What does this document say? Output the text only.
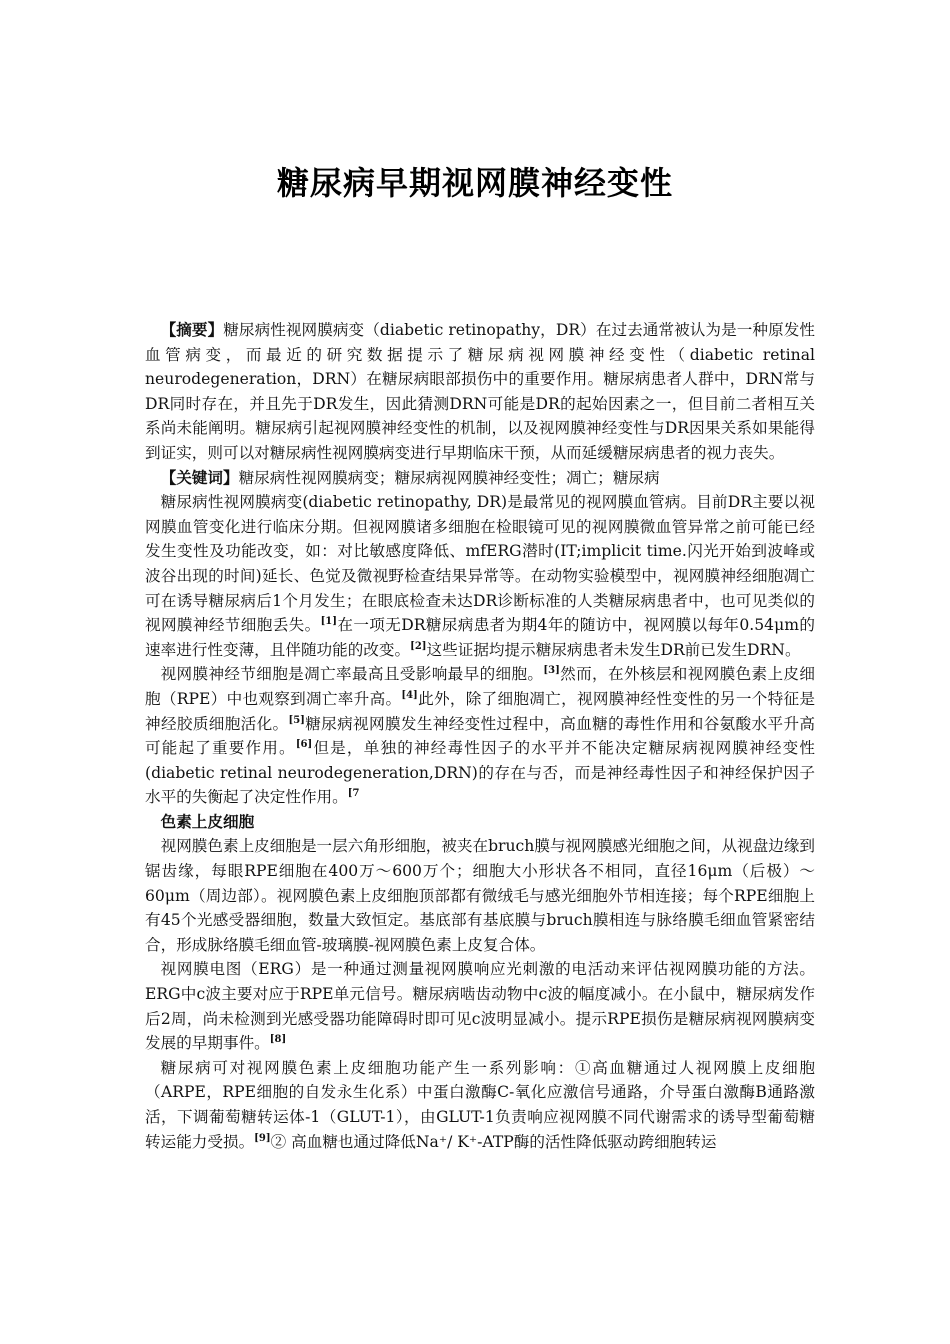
糖尿病早期视网膜神经变性

【摘要】糖尿病性视网膜病变（diabetic retinopathy，DR）在过去通常被认为是一种原发性血管病变，而最近的研究数据提示了糖尿病视网膜神经变性（diabetic retinal neurodegeneration，DRN）在糖尿病眼部损伤中的重要作用。糖尿病患者人群中，DRN常与DR同时存在，并且先于DR发生，因此猜测DRN可能是DR的起始因素之一，但目前二者相互关系尚未能阐明。糖尿病引起视网膜神经变性的机制，以及视网膜神经变性与DR因果关系如果能得到证实，则可以对糖尿病性视网膜病变进行早期临床干预，从而延缓糖尿病患者的视力丧失。

【关键词】糖尿病性视网膜病变；糖尿病视网膜神经变性；凋亡；糖尿病

糖尿病性视网膜病变(diabetic retinopathy, DR)是最常见的视网膜血管病。目前DR主要以视网膜血管变化进行临床分期。但视网膜诸多细胞在检眼镜可见的视网膜微血管异常之前可能已经发生变性及功能改变，如：对比敏感度降低、mfERG潜时(IT;implicit time.闪光开始到波峰或波谷出现的时间)延长、色觉及微视野检查结果异常等。在动物实验模型中，视网膜神经细胞凋亡可在诱导糖尿病后1个月发生；在眼底检查未达DR诊断标准的人类糖尿病患者中，也可见类似的视网膜神经节细胞丢失。[1]在一项无DR糖尿病患者为期4年的随访中，视网膜以每年0.54μm的速率进行性变薄，且伴随功能的改变。[2]这些证据均提示糖尿病患者未发生DR前已发生DRN。

视网膜神经节细胞是凋亡率最高且受影响最早的细胞。[3]然而，在外核层和视网膜色素上皮细胞（RPE）中也观察到凋亡率升高。[4]此外，除了细胞凋亡，视网膜神经性变性的另一个特征是神经胶质细胞活化。[5]糖尿病视网膜发生神经变性过程中，高血糖的毒性作用和谷氨酸水平升高可能起了重要作用。[6]但是，单独的神经毒性因子的水平并不能决定糖尿病视网膜神经变性(diabetic retinal neurodegeneration,DRN)的存在与否，而是神经毒性因子和神经保护因子水平的失衡起了决定性作用。$^{[7}$

色素上皮细胞

视网膜色素上皮细胞是一层六角形细胞，被夹在bruch膜与视网膜感光细胞之间，从视盘边缘到锯齿缘，每眼RPE细胞在400万～600万个；细胞大小形状各不相同，直径16μm（后极）～60μm（周边部）。视网膜色素上皮细胞顶部都有微绒毛与感光细胞外节相连接；每个RPE细胞上有45个光感受器细胞，数量大致恒定。基底部有基底膜与bruch膜相连与脉络膜毛细血管紧密结合，形成脉络膜毛细血管-玻璃膜-视网膜色素上皮复合体。

视网膜电图（ERG）是一种通过测量视网膜响应光刺激的电活动来评估视网膜功能的方法。ERG中c波主要对应于RPE单元信号。糖尿病啮齿动物中c波的幅度减小。在小鼠中，糖尿病发作后2周，尚未检测到光感受器功能障碍时即可见c波明显减小。提示RPE损伤是糖尿病视网膜病变发展的早期事件。[8]

糖尿病可对视网膜色素上皮细胞功能产生一系列影响：①高血糖通过人视网膜上皮细胞（ARPE，RPE细胞的自发永生化系）中蛋白激酶C-氧化应激信号通路，介导蛋白激酶B通路激活，下调葡萄糖转运体-1（GLUT-1），由GLUT-1负责响应视网膜不同代谢需求的诱导型葡萄糖转运能力受损。[9]② 高血糖也通过降低Na⁺/ K⁺-ATP酶的活性降低驱动跨细胞转运
